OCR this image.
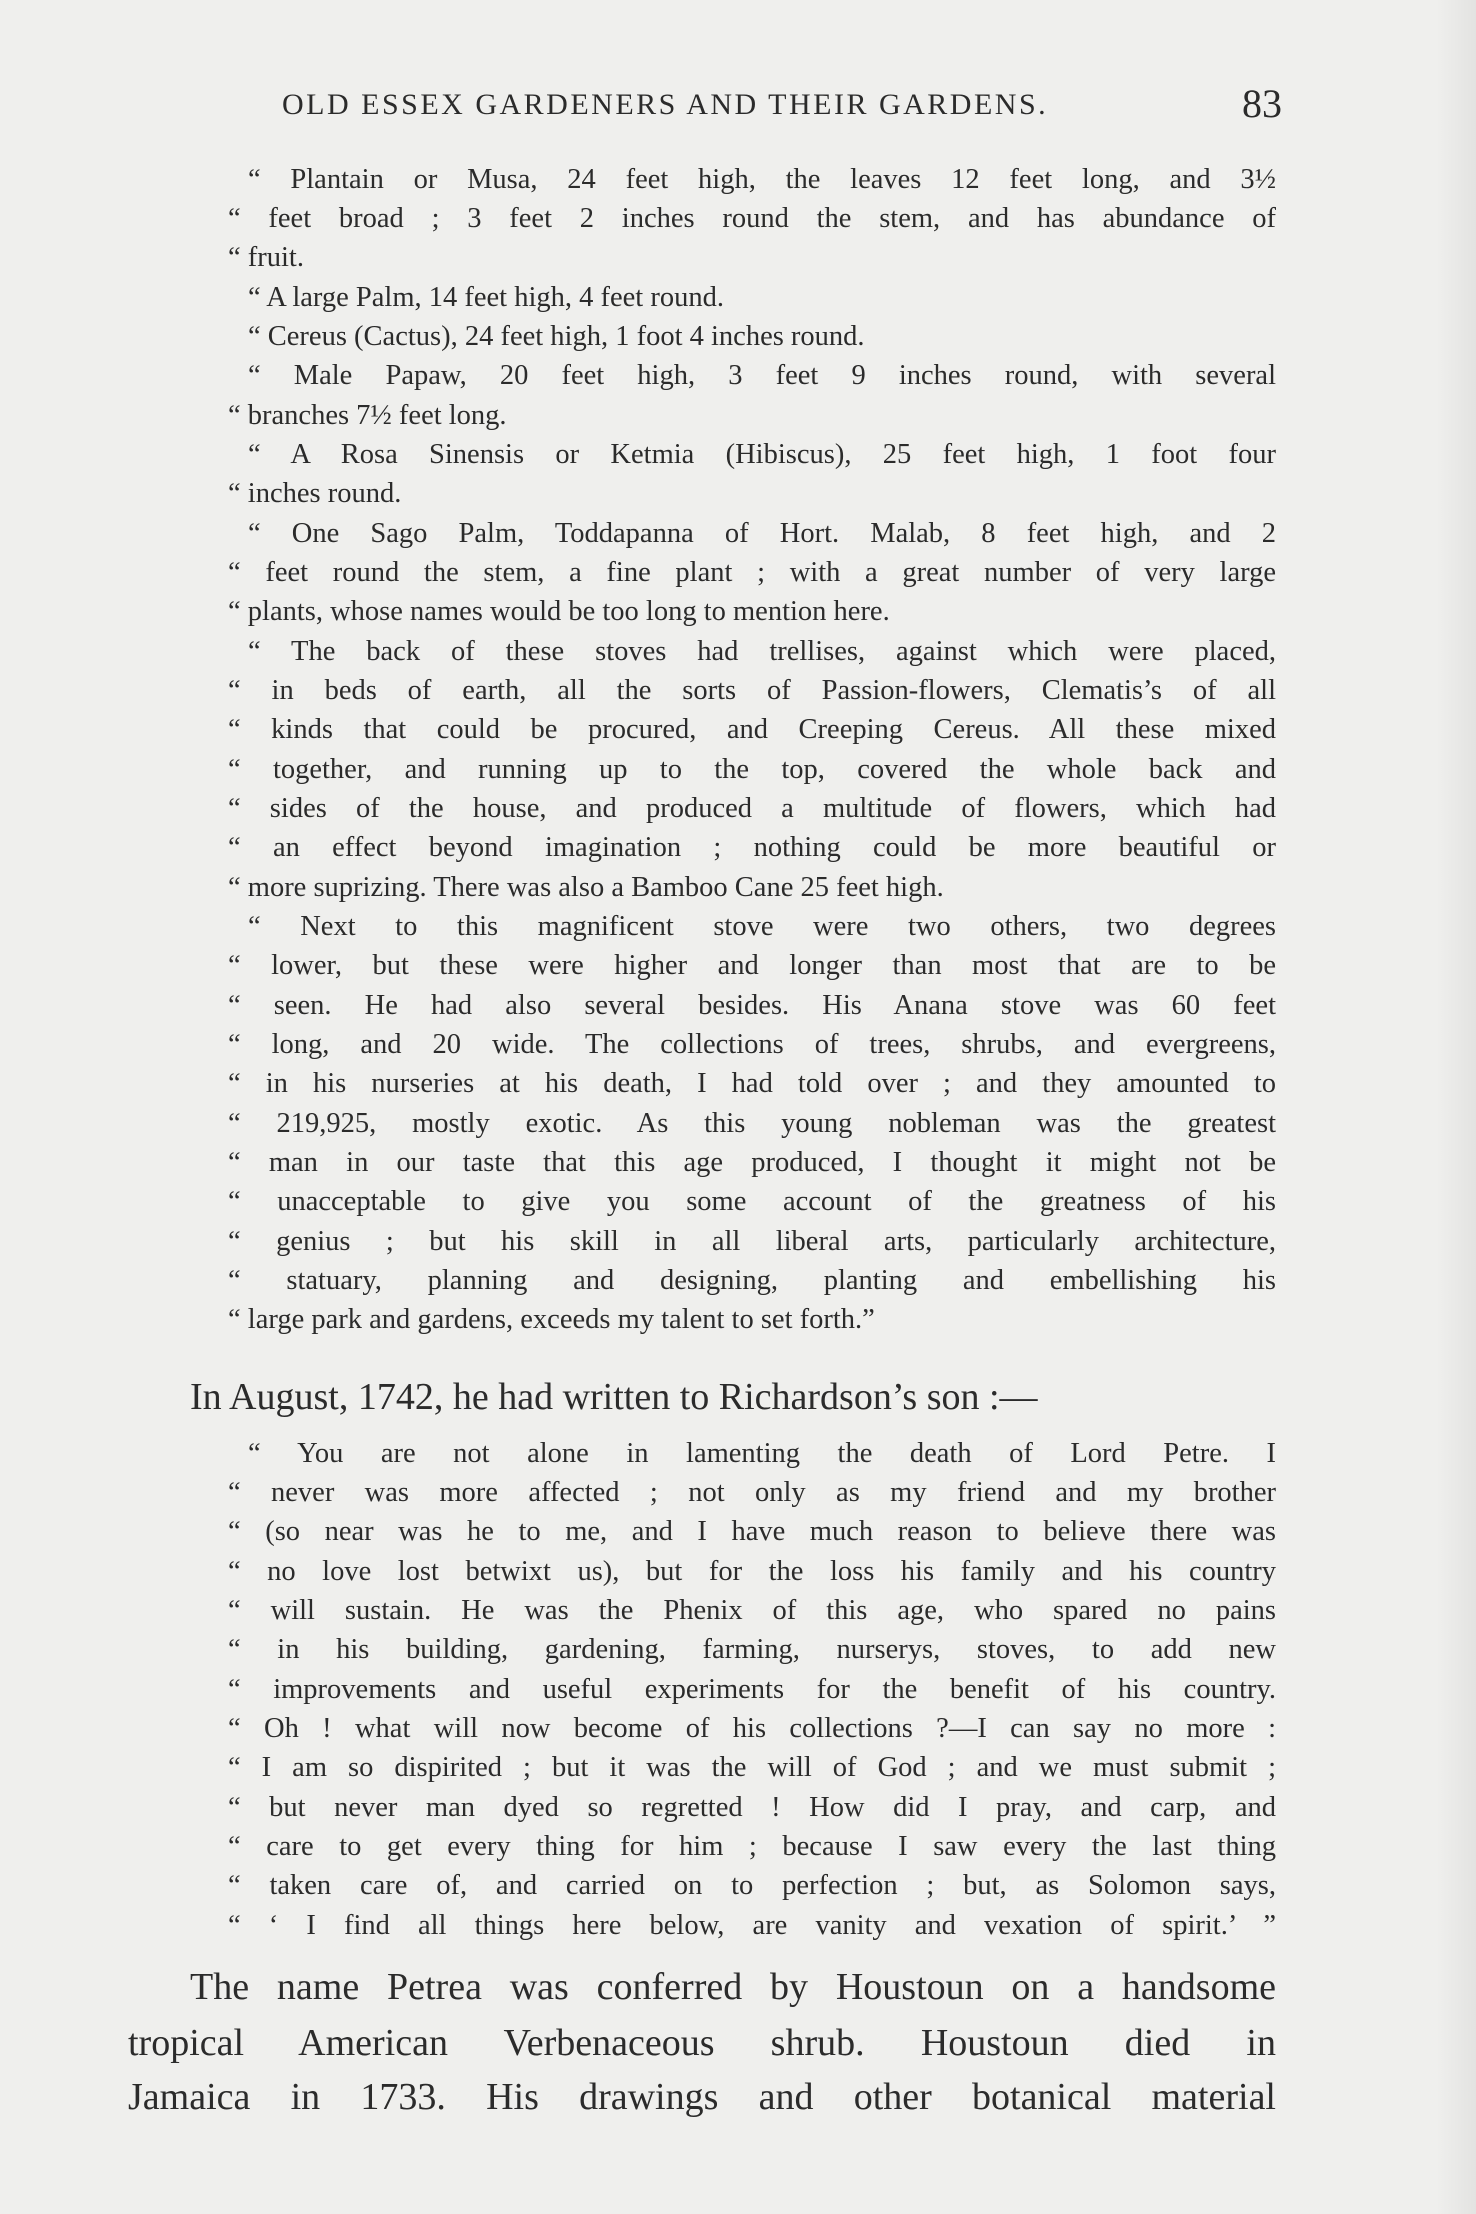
OLD ESSEX GARDENERS AND THEIR GARDENS.	83
“ Plantain or Musa, 24 feet high, the leaves 12 feet long, and 3½
“ feet broad ; 3 feet 2 inches round the stem, and has abundance of
“ fruit.
“ A large Palm, 14 feet high, 4 feet round.
“ Cereus (Cactus), 24 feet high, 1 foot 4 inches round.
“ Male Papaw, 20 feet high, 3 feet 9 inches round, with several
“ branches 7½ feet long.
“ A Rosa Sinensis or Ketmia (Hibiscus), 25 feet high, 1 foot four
“ inches round.
“ One Sago Palm, Toddapanna of Hort. Malab, 8 feet high, and 2
“ feet round the stem, a fine plant ; with a great number of very large
“ plants, whose names would be too long to mention here.
“ The back of these stoves had trellises, against which were placed,
“ in beds of earth, all the sorts of Passion-flowers, Clematis’s of all
“ kinds that could be procured, and Creeping Cereus. All these mixed
“ together, and running up to the top, covered the whole back and
“ sides of the house, and produced a multitude of flowers, which had
“ an effect beyond imagination ; nothing could be more beautiful or
“ more suprizing. There was also a Bamboo Cane 25 feet high.
“ Next to this magnificent stove were two others, two degrees
“ lower, but these were higher and longer than most that are to be
“ seen. He had also several besides. His Anana stove was 60 feet
“ long, and 20 wide. The collections of trees, shrubs, and evergreens,
“ in his nurseries at his death, I had told over ; and they amounted to
“ 219,925, mostly exotic. As this young nobleman was the greatest
“ man in our taste that this age produced, I thought it might not be
“ unacceptable to give you some account of the greatness of his
“ genius ; but his skill in all liberal arts, particularly architecture,
“ statuary, planning and designing, planting and embellishing his
“ large park and gardens, exceeds my talent to set forth.”
In August, 1742, he had written to Richardson’s son :—
“ You are not alone in lamenting the death of Lord Petre. I
“ never was more affected ; not only as my friend and my brother
“ (so near was he to me, and I have much reason to believe there was
“ no love lost betwixt us), but for the loss his family and his country
“ will sustain. He was the Phenix of this age, who spared no pains
“ in his building, gardening, farming, nurserys, stoves, to add new
“ improvements and useful experiments for the benefit of his country.
“ Oh ! what will now become of his collections ?—I can say no more :
“ I am so dispirited ; but it was the will of God ; and we must submit ;
“ but never man dyed so regretted ! How did I pray, and carp, and
“ care to get every thing for him ; because I saw every the last thing
“ taken care of, and carried on to perfection ; but, as Solomon says,
“ ‘ I find all things here below, are vanity and vexation of spirit.’ ”
The name Petrea was conferred by Houstoun on a handsome
tropical American Verbenaceous shrub. Houstoun died in
Jamaica in 1733. His drawings and other botanical material
